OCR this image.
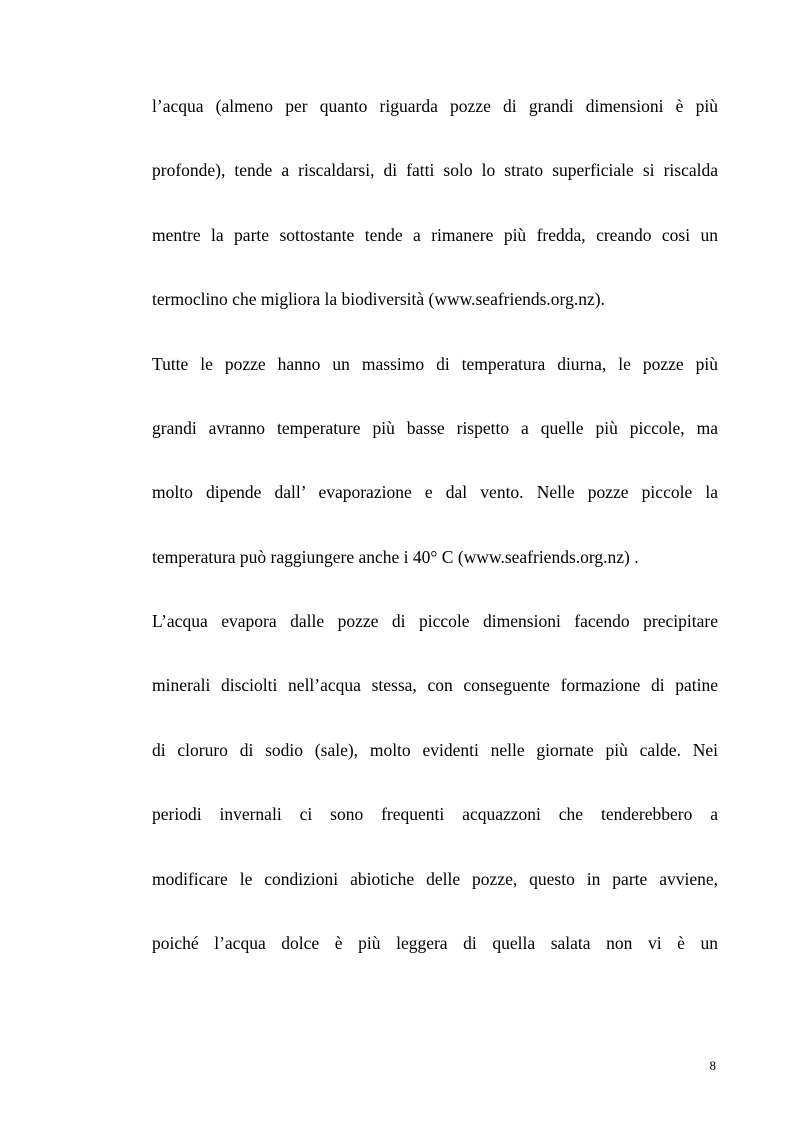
l’acqua (almeno per quanto riguarda pozze di grandi dimensioni è più
profonde), tende a riscaldarsi, di fatti solo lo strato superficiale si riscalda
mentre la parte sottostante tende a rimanere più fredda, creando cosi un
termoclino che migliora la biodiversità (www.seafriends.org.nz).
Tutte le pozze hanno un massimo di temperatura diurna, le pozze più
grandi avranno temperature più basse rispetto a quelle più piccole, ma
molto dipende dall’ evaporazione e dal vento. Nelle pozze piccole la
temperatura può raggiungere anche i 40° C (www.seafriends.org.nz) .
L’acqua evapora dalle pozze di piccole dimensioni facendo precipitare
minerali disciolti nell’acqua stessa, con conseguente formazione di patine
di cloruro di sodio (sale), molto evidenti nelle giornate più calde. Nei
periodi invernali ci sono frequenti acquazzoni che tenderebbero a
modificare le condizioni abiotiche delle pozze, questo in parte avviene,
poiché l’acqua dolce è più leggera di quella salata non vi è un
8
